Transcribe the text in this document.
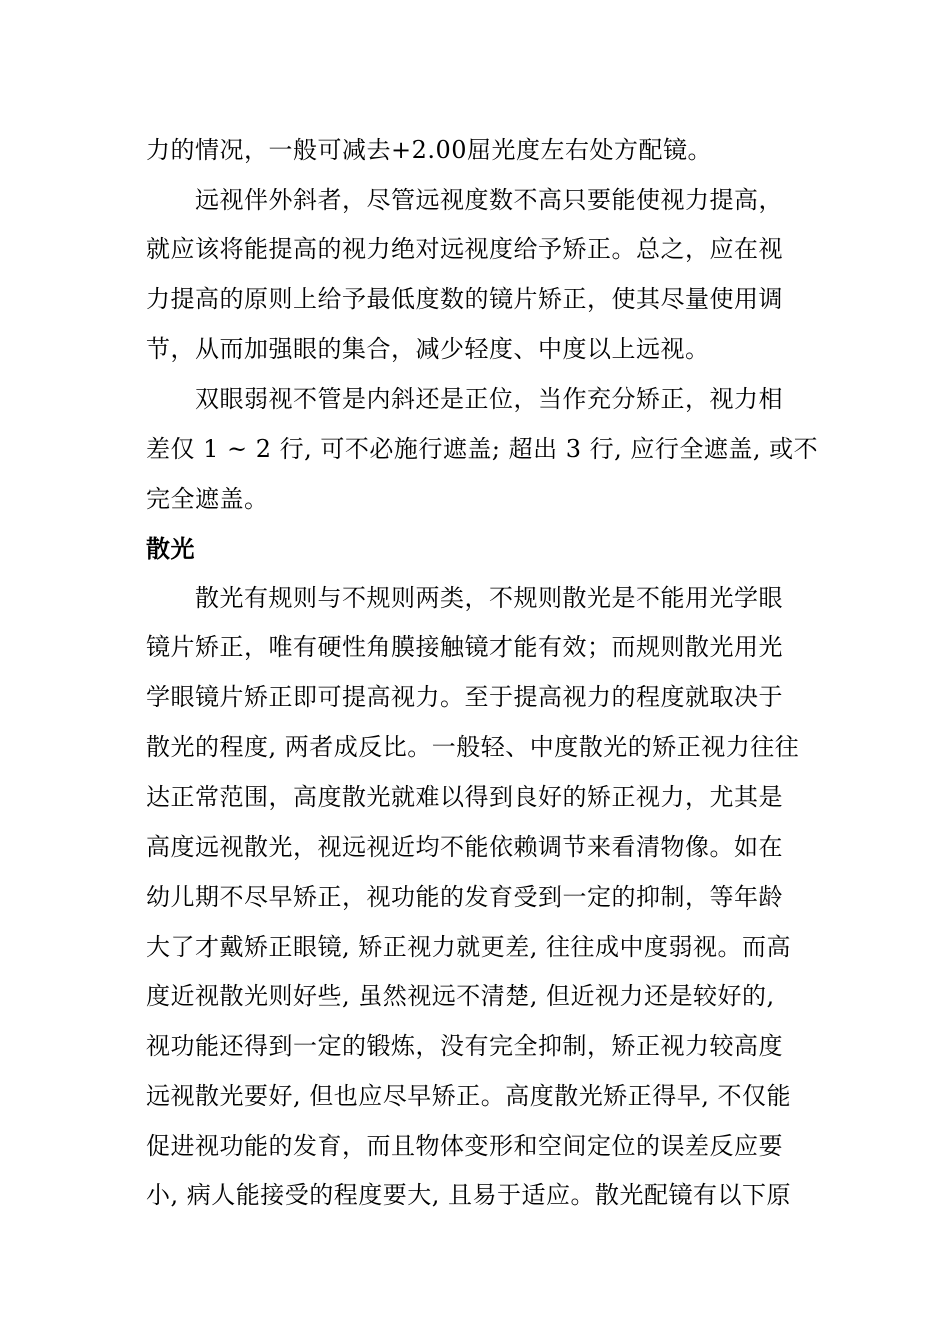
力的情况，一般可减去+2.00屈光度左右处方配镜。
远视伴外斜者，尽管远视度数不高只要能使视力提高，
就应该将能提高的视力绝对远视度给予矫正。总之，应在视
力提高的原则上给予最低度数的镜片矫正，使其尽量使用调
节，从而加强眼的集合，减少轻度、中度以上远视。
双眼弱视不管是内斜还是正位，当作充分矫正，视力相
差仅 1 ~ 2 行, 可不必施行遮盖; 超出 3 行, 应行全遮盖, 或不
完全遮盖。
散光
散光有规则与不规则两类，不规则散光是不能用光学眼
镜片矫正，唯有硬性角膜接触镜才能有效；而规则散光用光
学眼镜片矫正即可提高视力。至于提高视力的程度就取决于
散光的程度, 两者成反比。一般轻、中度散光的矫正视力往往
达正常范围，高度散光就难以得到良好的矫正视力，尤其是
高度远视散光，视远视近均不能依赖调节来看清物像。如在
幼儿期不尽早矫正，视功能的发育受到一定的抑制，等年龄
大了才戴矫正眼镜, 矫正视力就更差, 往往成中度弱视。而高
度近视散光则好些, 虽然视远不清楚, 但近视力还是较好的,
视功能还得到一定的锻炼，没有完全抑制，矫正视力较高度
远视散光要好, 但也应尽早矫正。高度散光矫正得早, 不仅能
促进视功能的发育，而且物体变形和空间定位的误差反应要
小, 病人能接受的程度要大, 且易于适应。散光配镜有以下原
